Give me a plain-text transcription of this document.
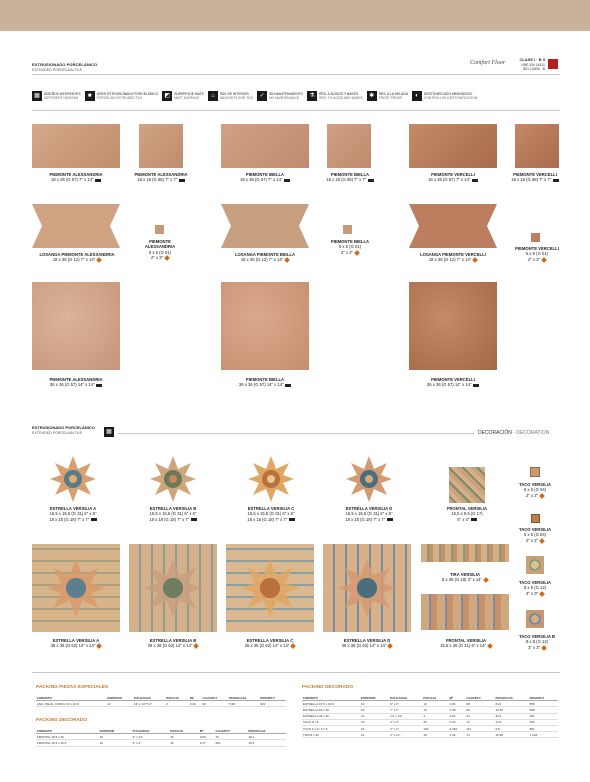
EXTRUSIONADO PORCELÁNICO
EXTRUDED PORCELAIN TILE
Comfort Floor
CLASE I · B II
UNE-EN 14411
ISO 13006 · B
▦	DISEÑOS DIFERENTES
DIFFERENT DESIGNS	■	GRES EXTRUSIONADO PORCELÁNICO
PORCELAIN EXTRUDED TILE	◩	SUPERFICIE MATE
MATT SURFACE	⌂	PAV. DE INTERIOR
INDOOR FLOOR TILE	✓	SIN MANTENIMIENTO
NO MAINTENANCE	⚗	RES. A ÁCIDOS Y BASES
RES. TO ACIDS AND BASES	✱	RES. A LA HELADA
FROST PROOF	◐	DESTONIFICADO ARMONIOSO
CONTROLLED DESTONIFICATION
PIEMONTE ALESSANDRIA
18 x 36 (G 57) 7" x 14"
PIEMONTE ALESSANDRIA
18 x 18 (G 58) 7" x 7"
PIEMONTE BIELLA
18 x 36 (G 57) 7" x 14"
PIEMONTE BIELLA
18 x 18 (G 58) 7" x 7"
PIEMONTE VERCELLI
18 x 36 (G 57) 7" x 14"
PIEMONTE VERCELLI
18 x 18 (G 58) 7" x 7"
LOSANGA PIEMONTE ALESSANDRIA
18 x 36 (G 12) 7" x 14"
PIEMONTE ALESSANDRIA
5 x 5 (G 01)
2" x 2"
LOSANGA PIEMONTE BIELLA
18 x 36 (G 12) 7" x 14"
PIEMONTE BIELLA
5 x 5 (G 01)
2" x 2"	LOSANGA PIEMONTE VERCELLI
18 x 36 (G 12) 7" x 14"
PIEMONTE VERCELLI
5 x 5 (G 01)
2" x 2"
PIEMONTE ALESSANDRIA
36 x 36 (G 57) 14" x 14"
PIEMONTE BIELLA
36 x 36 (G 57) 14" x 14"
PIEMONTE VERCELLI
36 x 36 (G 57) 14" x 14"
EXTRUSIONADO PORCELÁNICO
EXTRUDED PORCELAIN TILE	▦	DECORACIÓN · DECORATION
ESTRELLA VERSILIA A
15,5 x 15,5 (G 31) 6" x 6"
18 x 18 (G 18) 7" x 7"
ESTRELLA VERSILIA B
15,5 x 15,5 (G 31) 6" x 6"
18 x 18 (G 18) 7" x 7"
ESTRELLA VERSILIA C
15,5 x 15,5 (G 31) 6" x 6"
18 x 18 (G 18) 7" x 7"
ESTRELLA VERSILIA D
15,5 x 15,5 (G 31) 6" x 6"
18 x 18 (G 18) 7" x 7"
FRONTAL VERSILIA
15,5 x 9,5 (G 17)
6" x 4"
TACO VERSILIA
6 x 6 (G 04)
2" x 2"
TACO VERSILIA
5 x 5 (G 04)
2" x 2"
TIRA VERSILIA
8 x 36 (G 18) 3" x 14"
TACO VERSILIA
8 x 8 (G 12)
3" x 3"
ESTRELLA VERSILIA A
36 x 36 (G 62) 14" x 14"
ESTRELLA VERSILIA B
36 x 36 (G 62) 14" x 14"
ESTRELLA VERSILIA C
36 x 36 (G 62) 14" x 14"
ESTRELLA VERSILIA D
36 x 36 (G 62) 14" x 14"
FRONTAL VERSILIA
15,5 x 36 (G 21) 6" x 14"
TACO VERSILIA B
8 x 8 (G 12)
3" x 3"
PACKING PIEZAS ESPECIALES
FORMATO	ESPESOR	PULGADAS	PZ/CAJA	ML	CAJA/PLT	PESO/CAJA	PESO/PLT
ANG. PELD. CURVO 33 x 16,9	12	13" x 14"/7,2"	2	0,33	90	5,96	521
PACKING DECORADO
FORMATO	ESPESOR	PULGADAS	PZ/CAJA	M²	CAJA/PLT	PESO/CAJA
FRONTAL 15,5 x 36	10	6" x 14"	15	0,84	72	18,1
FRONTAL 15,5 x 15,5	10	6" x 6"	30	0,77	561	16,5
PACKING DECORADO
FORMATO	ESPESOR	PULGADAS	PZ/CAJA	M²	CAJA/PLT	PESO/CAJA	PESO/PLT
ESTRELLA 15,5 x 15,5	10	6" x 6"	16	0,36	68	8,21	558
ESTRELLA 18 x 18	10	7" x 7"	15	0,48	68	10,75	668
ESTRELLA 36 x 36	10	14" x 14"	4	0,52	44	22,5	951
TACO 8 x 8	10	3" x 3"	25	0,16	72	3,21	256
TACO 6 x 6 / 5 x 5	10	2" x 2"	100	0,252	112	6,8	581
TIRA 8 x 36	10	3" x 14"	18	0,36	72	16,38	1.218
